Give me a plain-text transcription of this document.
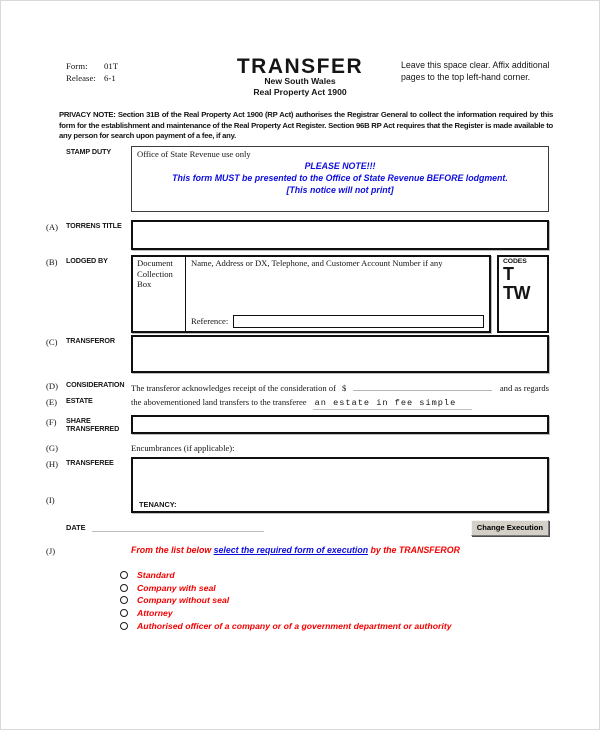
Form: 01T
Release: 6-1	TRANSFER
New South Wales
Real Property Act 1900
Leave this space clear. Affix additional pages to the top left-hand corner.
PRIVACY NOTE: Section 31B of the Real Property Act 1900 (RP Act) authorises the Registrar General to collect the information required by this form for the establishment and maintenance of the Real Property Act Register. Section 96B RP Act requires that the Register is made available to any person for search upon payment of a fee, if any.
STAMP DUTY	Office of State Revenue use only
PLEASE NOTE!!!
This form MUST be presented to the Office of State Revenue BEFORE lodgment.
[This notice will not print]
(A)	TORRENS TITLE
(B)	LODGED BY	Document Collection Box
Name, Address or DX, Telephone, and Customer Account Number if any
Reference:
CODES
T
TW
(C)	TRANSFEROR
(D)	CONSIDERATION The transferor acknowledges receipt of the consideration of $	and as regards
(E)	ESTATE	the abovementioned land transfers to the transferee an estate in fee simple
(F)	SHARE TRANSFERRED
(G)	Encumbrances (if applicable):
(H)	TRANSFEREE
(I)	TENANCY:
DATE	Change Execution
(J)	From the list below select the required form of execution by the TRANSFEROR
Standard
Company with seal
Company without seal
Attorney
Authorised officer of a company or of a government department or authority
